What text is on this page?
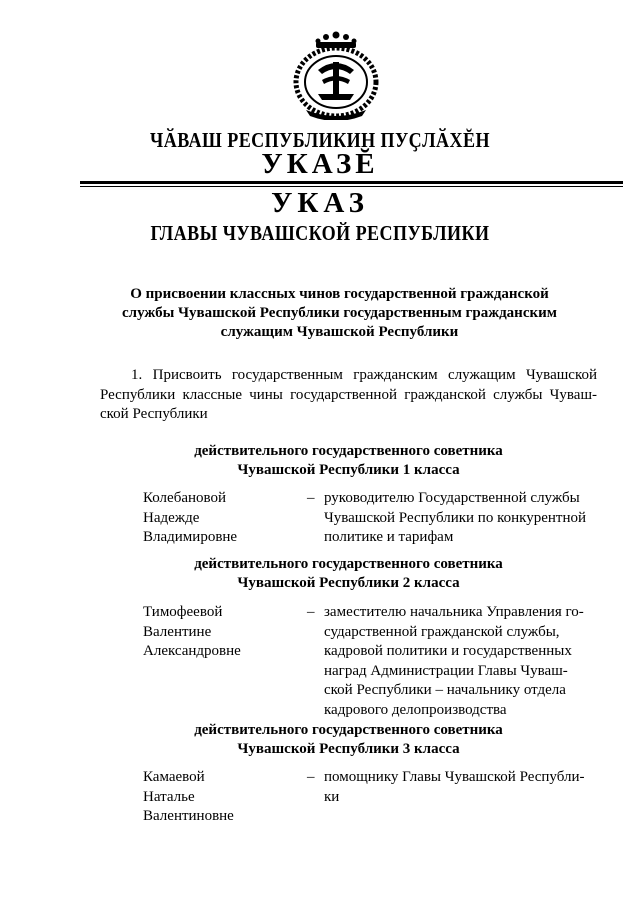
ЧӐВАШ РЕСПУБЛИКИН ПУҪЛӐХĔН
УКАЗĔ
УКАЗ
ГЛАВЫ ЧУВАШСКОЙ РЕСПУБЛИКИ
О присвоении классных чинов государственной гражданской
службы Чувашской Республики государственным гражданским
служащим Чувашской Республики
1. Присвоить государственным гражданским служащим Чувашской Республики классные чины государственной гражданской службы Чуваш-ской Республики
действительного государственного советника
Чувашской Республики 1 класса
Колебановой
Надежде
Владимировне
– руководителю Государственной службы
Чувашской Республики по конкурентной
политике и тарифам
действительного государственного советника
Чувашской Республики 2 класса
Тимофеевой
Валентине
Александровне
– заместителю начальника Управления го-
сударственной гражданской службы,
кадровой политики и государственных
наград Администрации Главы Чуваш-
ской Республики – начальнику отдела
кадрового делопроизводства
действительного государственного советника
Чувашской Республики 3 класса
Камаевой
Наталье
Валентиновне
– помощнику Главы Чувашской Республи-
ки
